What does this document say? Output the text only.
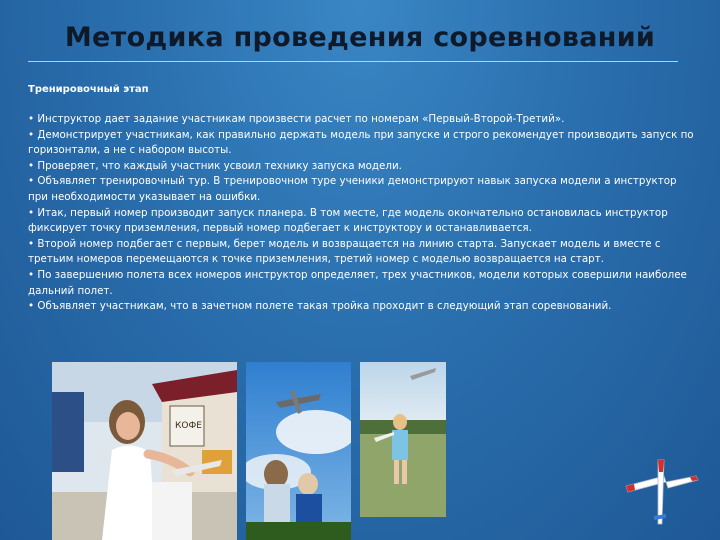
Методика проведения соревнований
Тренировочный этап

• Инструктор дает задание участникам произвести расчет по номерам «Первый-Второй-Третий».

• Демонстрирует участникам, как правильно держать модель при запуске и строго рекомендует производить запуск по горизонтали, а не с набором высоты.

• Проверяет, что каждый участник усвоил технику запуска модели.

• Объявляет тренировочный тур. В тренировочном туре ученики демонстрируют навык запуска модели а инструктор при необходимости указывает на ошибки.

• Итак, первый номер производит запуск планера. В том месте, где модель окончательно остановилась инструктор фиксирует точку приземления, первый номер подбегает к инструктору и останавливается.

• Второй номер подбегает с первым, берет модель и возвращается на линию старта. Запускает модель и вместе с третьим номеров перемещаются к точке приземления, третий номер с моделью возвращается на старт.

• По завершению полета всех номеров инструктор определяет, трех участников, модели которых совершили наиболее дальний полет.

• Объявляет участникам, что в зачетном полете такая тройка проходит в следующий этап соревнований.

КОФЕ
